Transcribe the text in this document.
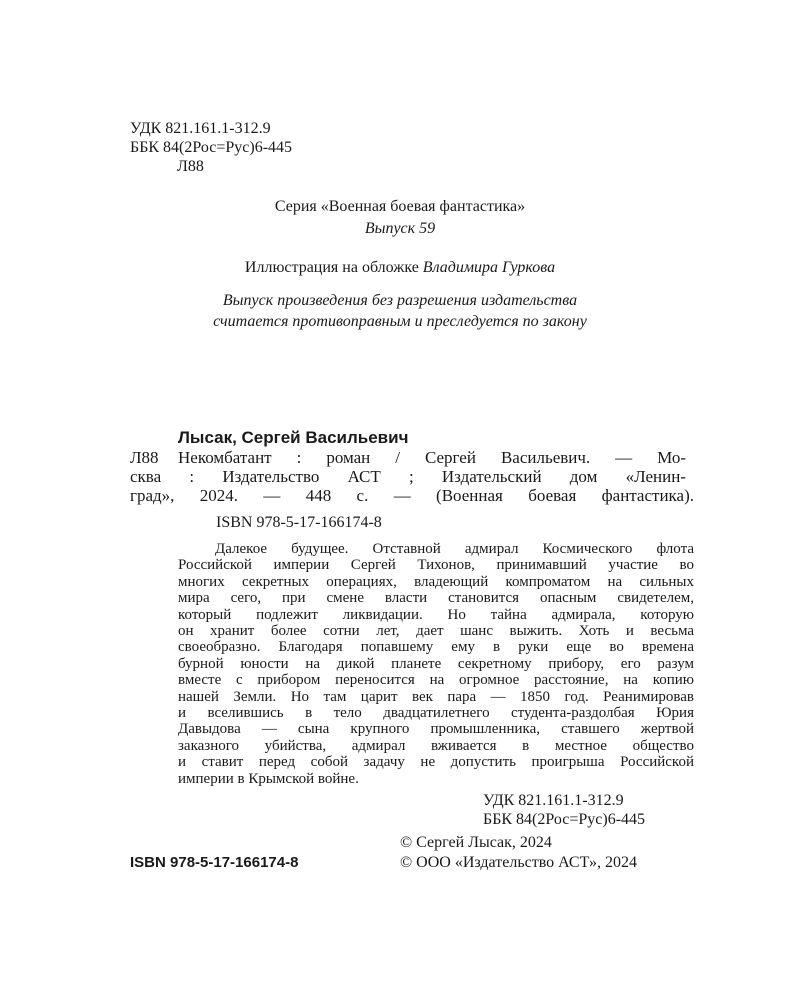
УДК 821.161.1-312.9
ББК 84(2Рос=Рус)6-445
Л88
Серия «Военная боевая фантастика»
Выпуск 59
Иллюстрация на обложке Владимира Гуркова
Выпуск произведения без разрешения издательства
считается противоправным и преследуется по закону
Лысак, Сергей Васильевич
Л88 Некомбатант : роман / Сергей Васильевич. — Мо-
сква : Издательство АСТ ; Издательский дом «Ленин-
град», 2024. — 448 с. — (Военная боевая фантастика).
ISBN 978-5-17-166174-8
Далекое будущее. Отставной адмирал Космического флота
Российской империи Сергей Тихонов, принимавший участие во
многих секретных операциях, владеющий компроматом на сильных
мира сего, при смене власти становится опасным свидетелем,
который подлежит ликвидации. Но тайна адмирала, которую
он хранит более сотни лет, дает шанс выжить. Хоть и весьма
своеобразно. Благодаря попавшему ему в руки еще во времена
бурной юности на дикой планете секретному прибору, его разум
вместе с прибором переносится на огромное расстояние, на копию
нашей Земли. Но там царит век пара — 1850 год. Реанимировав
и вселившись в тело двадцатилетнего студента-раздолбая Юрия
Давыдова — сына крупного промышленника, ставшего жертвой
заказного убийства, адмирал вживается в местное общество
и ставит перед собой задачу не допустить проигрыша Российской
империи в Крымской войне.
УДК 821.161.1-312.9
ББК 84(2Рос=Рус)6-445
© Сергей Лысак, 2024
ISBN 978-5-17-166174-8	© ООО «Издательство АСТ», 2024
